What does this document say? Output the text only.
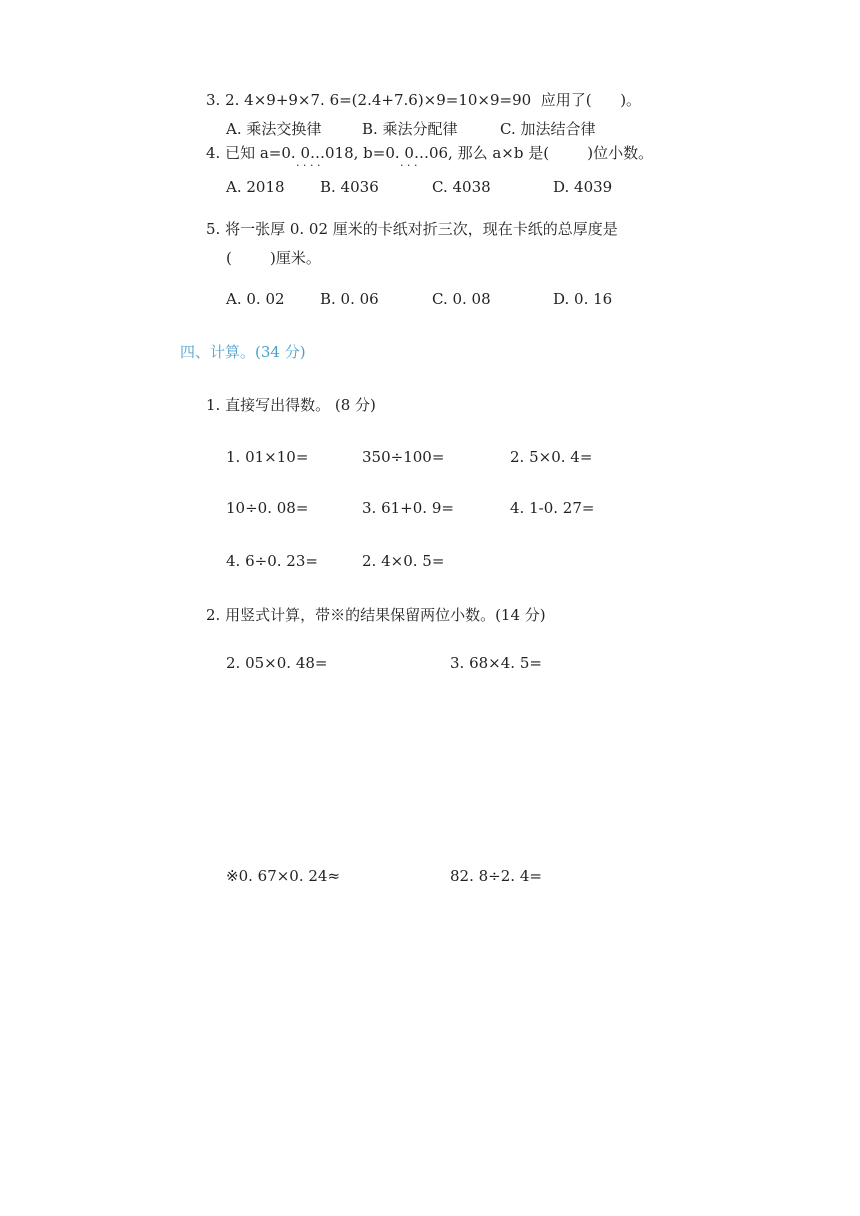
3. 2. 4×9+9×7. 6=(2.4+7.6)×9=10×9=90  应用了(      )。
A. 乘法交换律	B. 乘法分配律	C. 加法结合律
4. 已知 a=0. 0…018, b=0. 0…06, 那么 a×b 是(        )位小数。
· · · ·	· · ·
A. 2018 B. 4036	C. 4038	D. 4039
5. 将一张厚 0. 02 厘米的卡纸对折三次，现在卡纸的总厚度是
(        )厘米。
A. 0. 02 B. 0. 06	C. 0. 08	D. 0. 16
四、计算。(34 分)
1. 直接写出得数。 (8 分)
1. 01×10=	350÷100=	2. 5×0. 4=
10÷0. 08=	3. 61+0. 9=	4. 1-0. 27=
4. 6÷0. 23=	2. 4×0. 5=
2. 用竖式计算，带※的结果保留两位小数。(14 分)
2. 05×0. 48=	3. 68×4. 5=
※0. 67×0. 24≈	82. 8÷2. 4=
